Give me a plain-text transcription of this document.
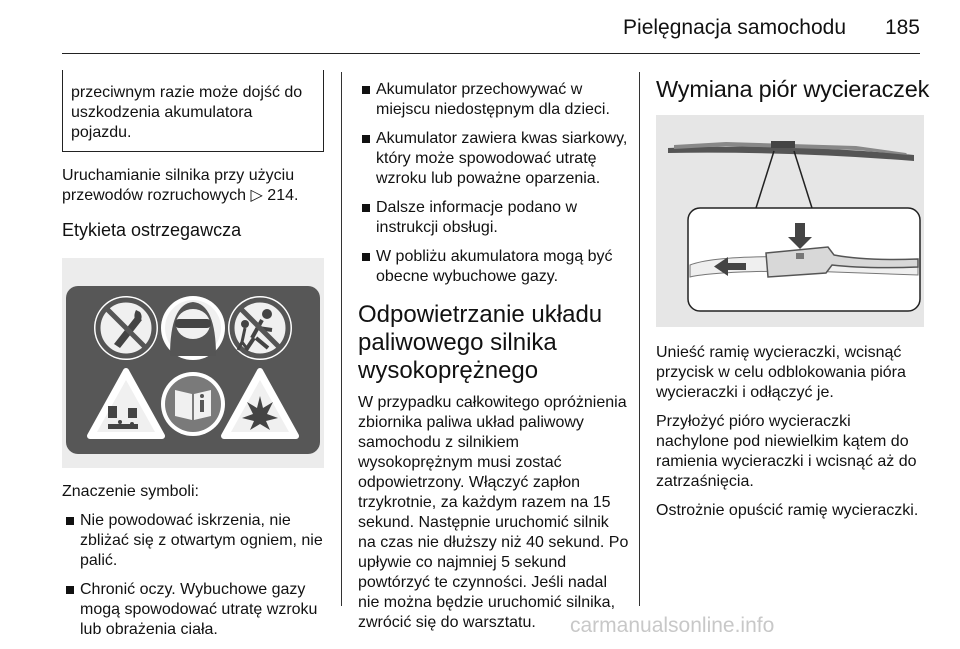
Pielęgnacja samochodu 185

przeciwnym razie może dojść do uszkodzenia akumulatora pojazdu.

Uruchamianie silnika przy użyciu przewodów rozruchowych ▷ 214.

Etykieta ostrzegawcza

Znaczenie symboli:

Nie powodować iskrzenia, nie zbliżać się z otwartym ogniem, nie palić.
Chronić oczy. Wybuchowe gazy mogą spowodować utratę wzroku lub obrażenia ciała.
Akumulator przechowywać w miejscu niedostępnym dla dzieci.
Akumulator zawiera kwas siarkowy, który może spowodować utratę wzroku lub poważne oparzenia.
Dalsze informacje podano w instrukcji obsługi.
W pobliżu akumulatora mogą być obecne wybuchowe gazy.
Odpowietrzanie układu paliwowego silnika wysokoprężnego

W przypadku całkowitego opróżnienia zbiornika paliwa układ paliwowy samochodu z silnikiem wysokoprężnym musi zostać odpowietrzony. Włączyć zapłon trzykrotnie, za każdym razem na 15 sekund. Następnie uruchomić silnik na czas nie dłuższy niż 40 sekund. Po upływie co najmniej 5 sekund powtórzyć te czynności. Jeśli nadal nie można będzie uruchomić silnika, zwrócić się do warsztatu.

Wymiana piór wycieraczek

Unieść ramię wycieraczki, wcisnąć przycisk w celu odblokowania pióra wycieraczki i odłączyć je.

Przyłożyć pióro wycieraczki nachylone pod niewielkim kątem do ramienia wycieraczki i wcisnąć aż do zatrzaśnięcia.

Ostrożnie opuścić ramię wycieraczki.

carmanualsonline.info
